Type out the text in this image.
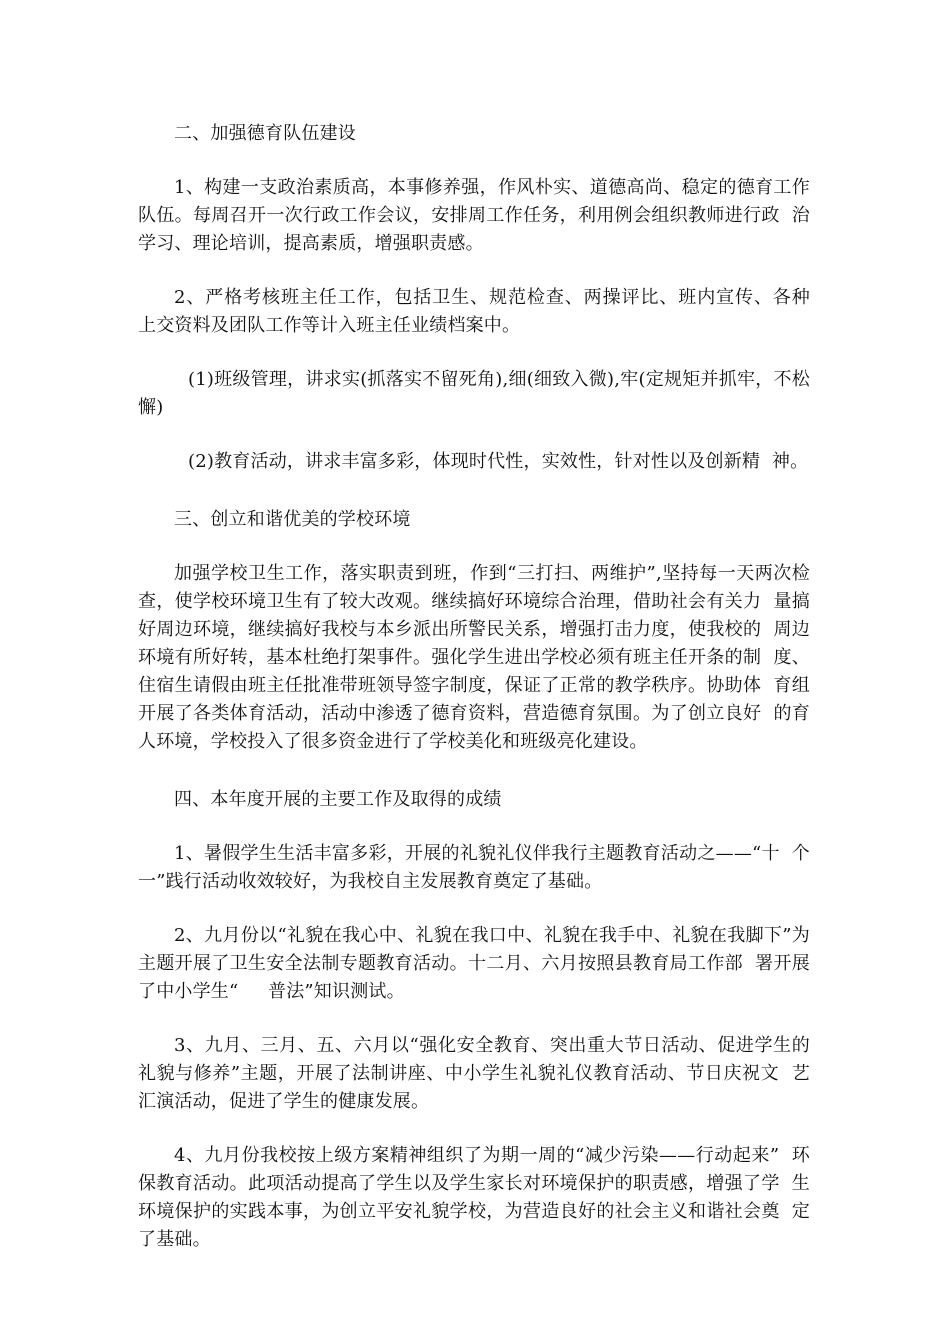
二、加强德育队伍建设

1、构建一支政治素质高，本事修养强，作风朴实、道德高尚、稳定的德育工作队伍。每周召开一次行政工作会议，安排周工作任务，利用例会组织教师进行政  治学习、理论培训，提高素质，增强职责感。

2、严格考核班主任工作，包括卫生、规范检查、两操评比、班内宣传、各种  上交资料及团队工作等计入班主任业绩档案中。

(1)班级管理，讲求实(抓落实不留死角),细(细致入微),牢(定规矩并抓牢，不松懈)

(2)教育活动，讲求丰富多彩，体现时代性，实效性，针对性以及创新精  神。

三、创立和谐优美的学校环境

加强学校卫生工作，落实职责到班，作到“三打扫、两维护”,坚持每一天两次检查，使学校环境卫生有了较大改观。继续搞好环境综合治理，借助社会有关力  量搞好周边环境，继续搞好我校与本乡派出所警民关系，增强打击力度，使我校的  周边环境有所好转，基本杜绝打架事件。强化学生进出学校必须有班主任开条的制  度、住宿生请假由班主任批准带班领导签字制度，保证了正常的教学秩序。协助体  育组开展了各类体育活动，活动中渗透了德育资料，营造德育氛围。为了创立良好  的育人环境，学校投入了很多资金进行了学校美化和班级亮化建设。

四、本年度开展的主要工作及取得的成绩

1、暑假学生生活丰富多彩，开展的礼貌礼仪伴我行主题教育活动之——“十  个一”践行活动收效较好，为我校自主发展教育奠定了基础。

2、九月份以“礼貌在我心中、礼貌在我口中、礼貌在我手中、礼貌在我脚下”为主题开展了卫生安全法制专题教育活动。十二月、六月按照县教育局工作部  署开展了中小学生“     普法”知识测试。

3、九月、三月、五、六月以“强化安全教育、突出重大节日活动、促进学生的礼貌与修养”主题，开展了法制讲座、中小学生礼貌礼仪教育活动、节日庆祝文  艺汇演活动，促进了学生的健康发展。

4、九月份我校按上级方案精神组织了为期一周的“减少污染——行动起来”  环保教育活动。此项活动提高了学生以及学生家长对环境保护的职责感，增强了学  生环境保护的实践本事，为创立平安礼貌学校，为营造良好的社会主义和谐社会奠  定了基础。
